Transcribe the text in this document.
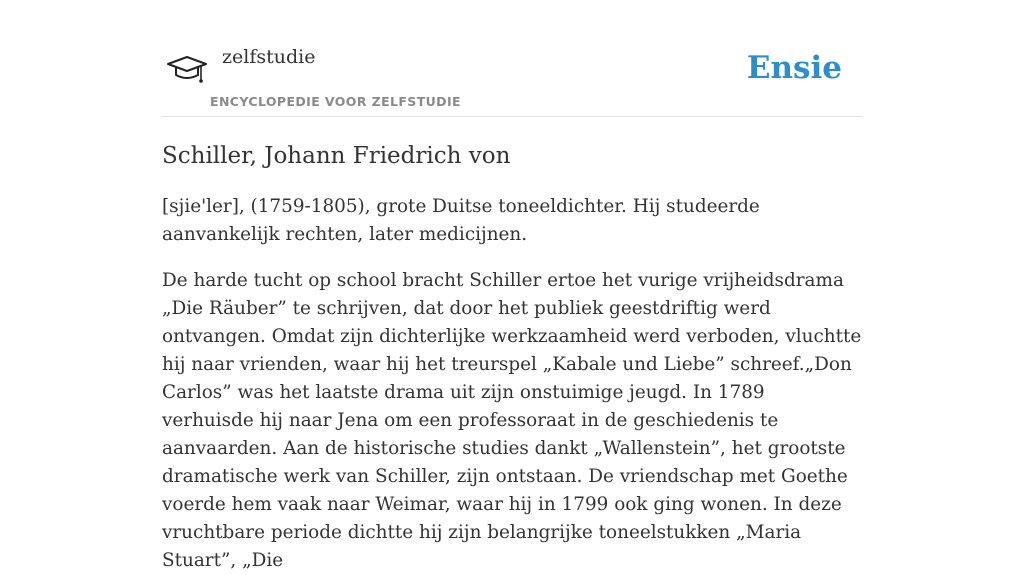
zelfstudie
ENCYCLOPEDIE VOOR ZELFSTUDIE
Ensie
Schiller, Johann Friedrich von

[sjie'ler], (1759-1805), grote Duitse toneeldichter. Hij studeerde aanvankelijk rechten, later medicijnen.

De harde tucht op school bracht Schiller ertoe het vurige vrijheidsdrama „Die Räuber” te schrijven, dat door het publiek geestdriftig werd ontvangen. Omdat zijn dichterlijke werkzaamheid werd verboden, vluchtte hij naar vrienden, waar hij het treurspel „Kabale und Liebe” schreef.„Don Carlos” was het laatste drama uit zijn onstuimige jeugd. In 1789 verhuisde hij naar Jena om een professoraat in de geschiedenis te aanvaarden. Aan de historische studies dankt „Wallenstein”, het grootste dramatische werk van Schiller, zijn ontstaan. De vriendschap met Goethe voerde hem vaak naar Weimar, waar hij in 1799 ook ging wonen. In deze vruchtbare periode dichtte hij zijn belangrijke toneelstukken „Maria Stuart”, „Die
